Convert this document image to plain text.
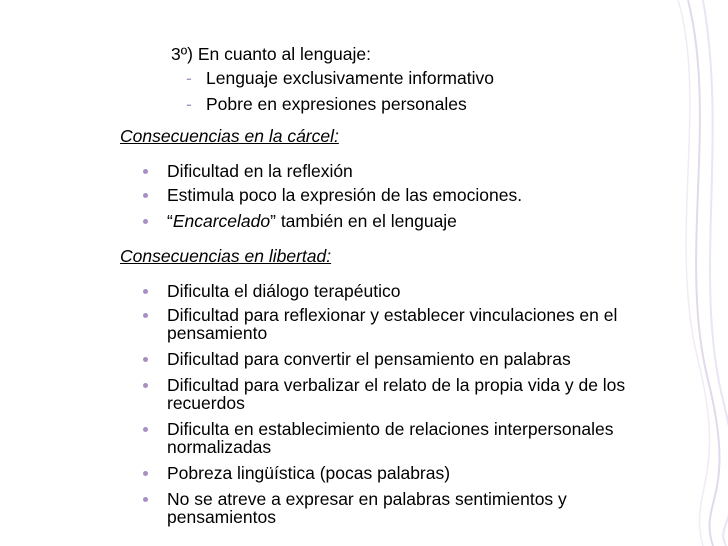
3º) En cuanto al lenguaje:
- Lenguaje exclusivamente informativo
- Pobre en expresiones personales
Consecuencias en la cárcel:
Dificultad en la reflexión
Estimula poco la expresión de las emociones.
“Encarcelado” también en el lenguaje
Consecuencias en libertad:
Dificulta el diálogo terapéutico
Dificultad para reflexionar y establecer vinculaciones en el
pensamiento
Dificultad para convertir el pensamiento en palabras
Dificultad para verbalizar el relato de la propia vida y de los
recuerdos
Dificulta en establecimiento de relaciones interpersonales
normalizadas
Pobreza lingüística (pocas palabras)
No se atreve a expresar en palabras sentimientos y
pensamientos
